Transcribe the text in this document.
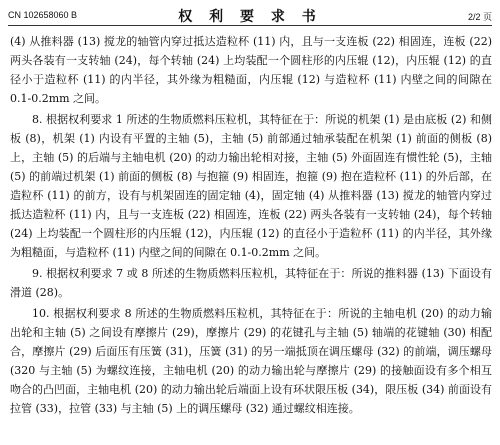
CN 102658060 B	权 利 要 求 书	2/2 页

(4) 从推料器 (13) 搅龙的轴管内穿过抵达造粒杯 (11) 内，且与一支连板 (22) 相固连，连板 (22) 两头各装有一支转轴 (24)，每个转轴 (24) 上均装配一个圆柱形的内压辊 (12)，内压辊 (12) 的直径小于造粒杯 (11) 的内半径，其外缘为粗糙面，内压辊 (12) 与造粒杯 (11) 内壁之间的间隙在 0.1-0.2mm 之间。

8. 根据权利要求 1 所述的生物质燃料压粒机，其特征在于：所说的机架 (1) 是由底板 (2) 和侧板 (8)，机架 (1) 内设有平置的主轴 (5)，主轴 (5) 前部通过轴承装配在机架 (1) 前面的侧板 (8) 上，主轴 (5) 的后端与主轴电机 (20) 的动力输出轮相对接，主轴 (5) 外面固连有惯性轮 (5)，主轴 (5) 的前端过机架 (1) 前面的侧板 (8) 与抱箍 (9) 相固连，抱箍 (9) 抱在造粒杯 (11) 的外后部，在造粒杯 (11) 的前方，设有与机架固连的固定轴 (4)，固定轴 (4) 从推料器 (13) 搅龙的轴管内穿过抵达造粒杯 (11) 内，且与一支连板 (22) 相固连，连板 (22) 两头各装有一支转轴 (24)，每个转轴 (24) 上均装配一个圆柱形的内压辊 (12)，内压辊 (12) 的直径小于造粒杯 (11) 的内半径，其外缘为粗糙面，与造粒杯 (11) 内壁之间的间隙在 0.1-0.2mm 之间。

9. 根据权利要求 7 或 8 所述的生物质燃料压粒机，其特征在于：所说的推料器 (13) 下面设有滑道 (28)。

10. 根据权利要求 8 所述的生物质燃料压粒机，其特征在于：所说的主轴电机 (20) 的动力输出轮和主轴 (5) 之间设有摩擦片 (29)，摩擦片 (29) 的花键孔与主轴 (5) 轴端的花键轴 (30) 相配合，摩擦片 (29) 后面压有压簧 (31)，压簧 (31) 的另一端抵顶在调压螺母 (32) 的前端，调压螺母 (320 与主轴 (5) 为螺纹连接，主轴电机 (20) 的动力输出轮与摩擦片 (29) 的接触面设有多个相互吻合的凸凹面，主轴电机 (20) 的动力输出轮后端面上设有环状限压板 (34)，限压板 (34) 前面设有拉管 (33)，拉管 (33) 与主轴 (5) 上的调压螺母 (32) 通过螺纹相连接。
